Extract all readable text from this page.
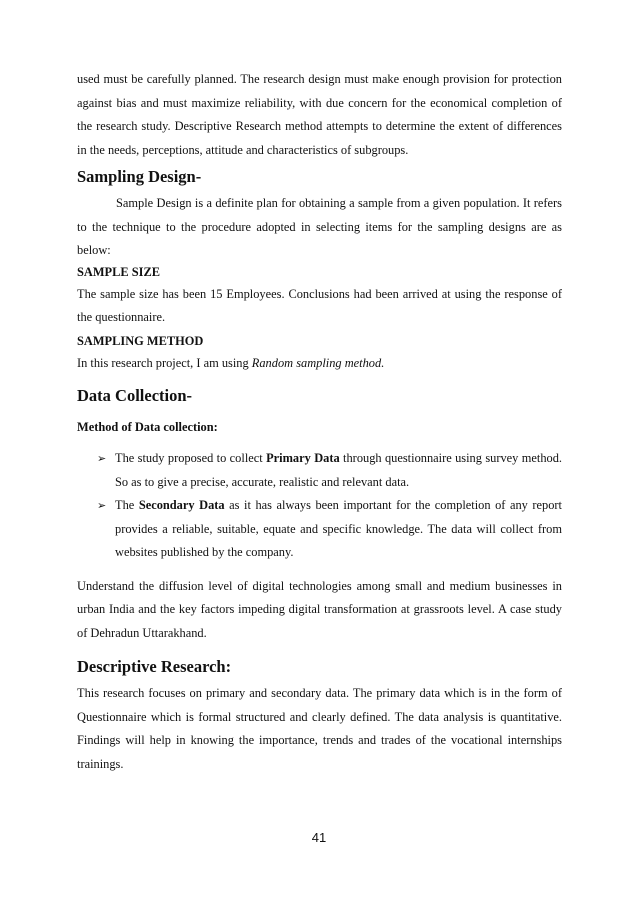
used must be carefully planned. The research design must make enough provision for protection against bias and must maximize reliability, with due concern for the economical completion of the research study. Descriptive Research method attempts to determine the extent of differences in the needs, perceptions, attitude and characteristics of subgroups.

Sampling Design-

Sample Design is a definite plan for obtaining a sample from a given population. It refers to the technique to the procedure adopted in selecting items for the sampling designs are as below:

SAMPLE SIZE

The sample size has been 15 Employees. Conclusions had been arrived at using the response of the questionnaire.

SAMPLING METHOD

In this research project, I am using Random sampling method.

Data Collection-

Method of Data collection:

➢ The study proposed to collect Primary Data through questionnaire using survey method. So as to give a precise, accurate, realistic and relevant data.
➢ The Secondary Data as it has always been important for the completion of any report provides a reliable, suitable, equate and specific knowledge. The data will collect from websites published by the company.

Understand the diffusion level of digital technologies among small and medium businesses in urban India and the key factors impeding digital transformation at grassroots level. A case study of Dehradun Uttarakhand.

Descriptive Research:

This research focuses on primary and secondary data. The primary data which is in the form of Questionnaire which is formal structured and clearly defined. The data analysis is quantitative. Findings will help in knowing the importance, trends and trades of the vocational internships trainings.

41
